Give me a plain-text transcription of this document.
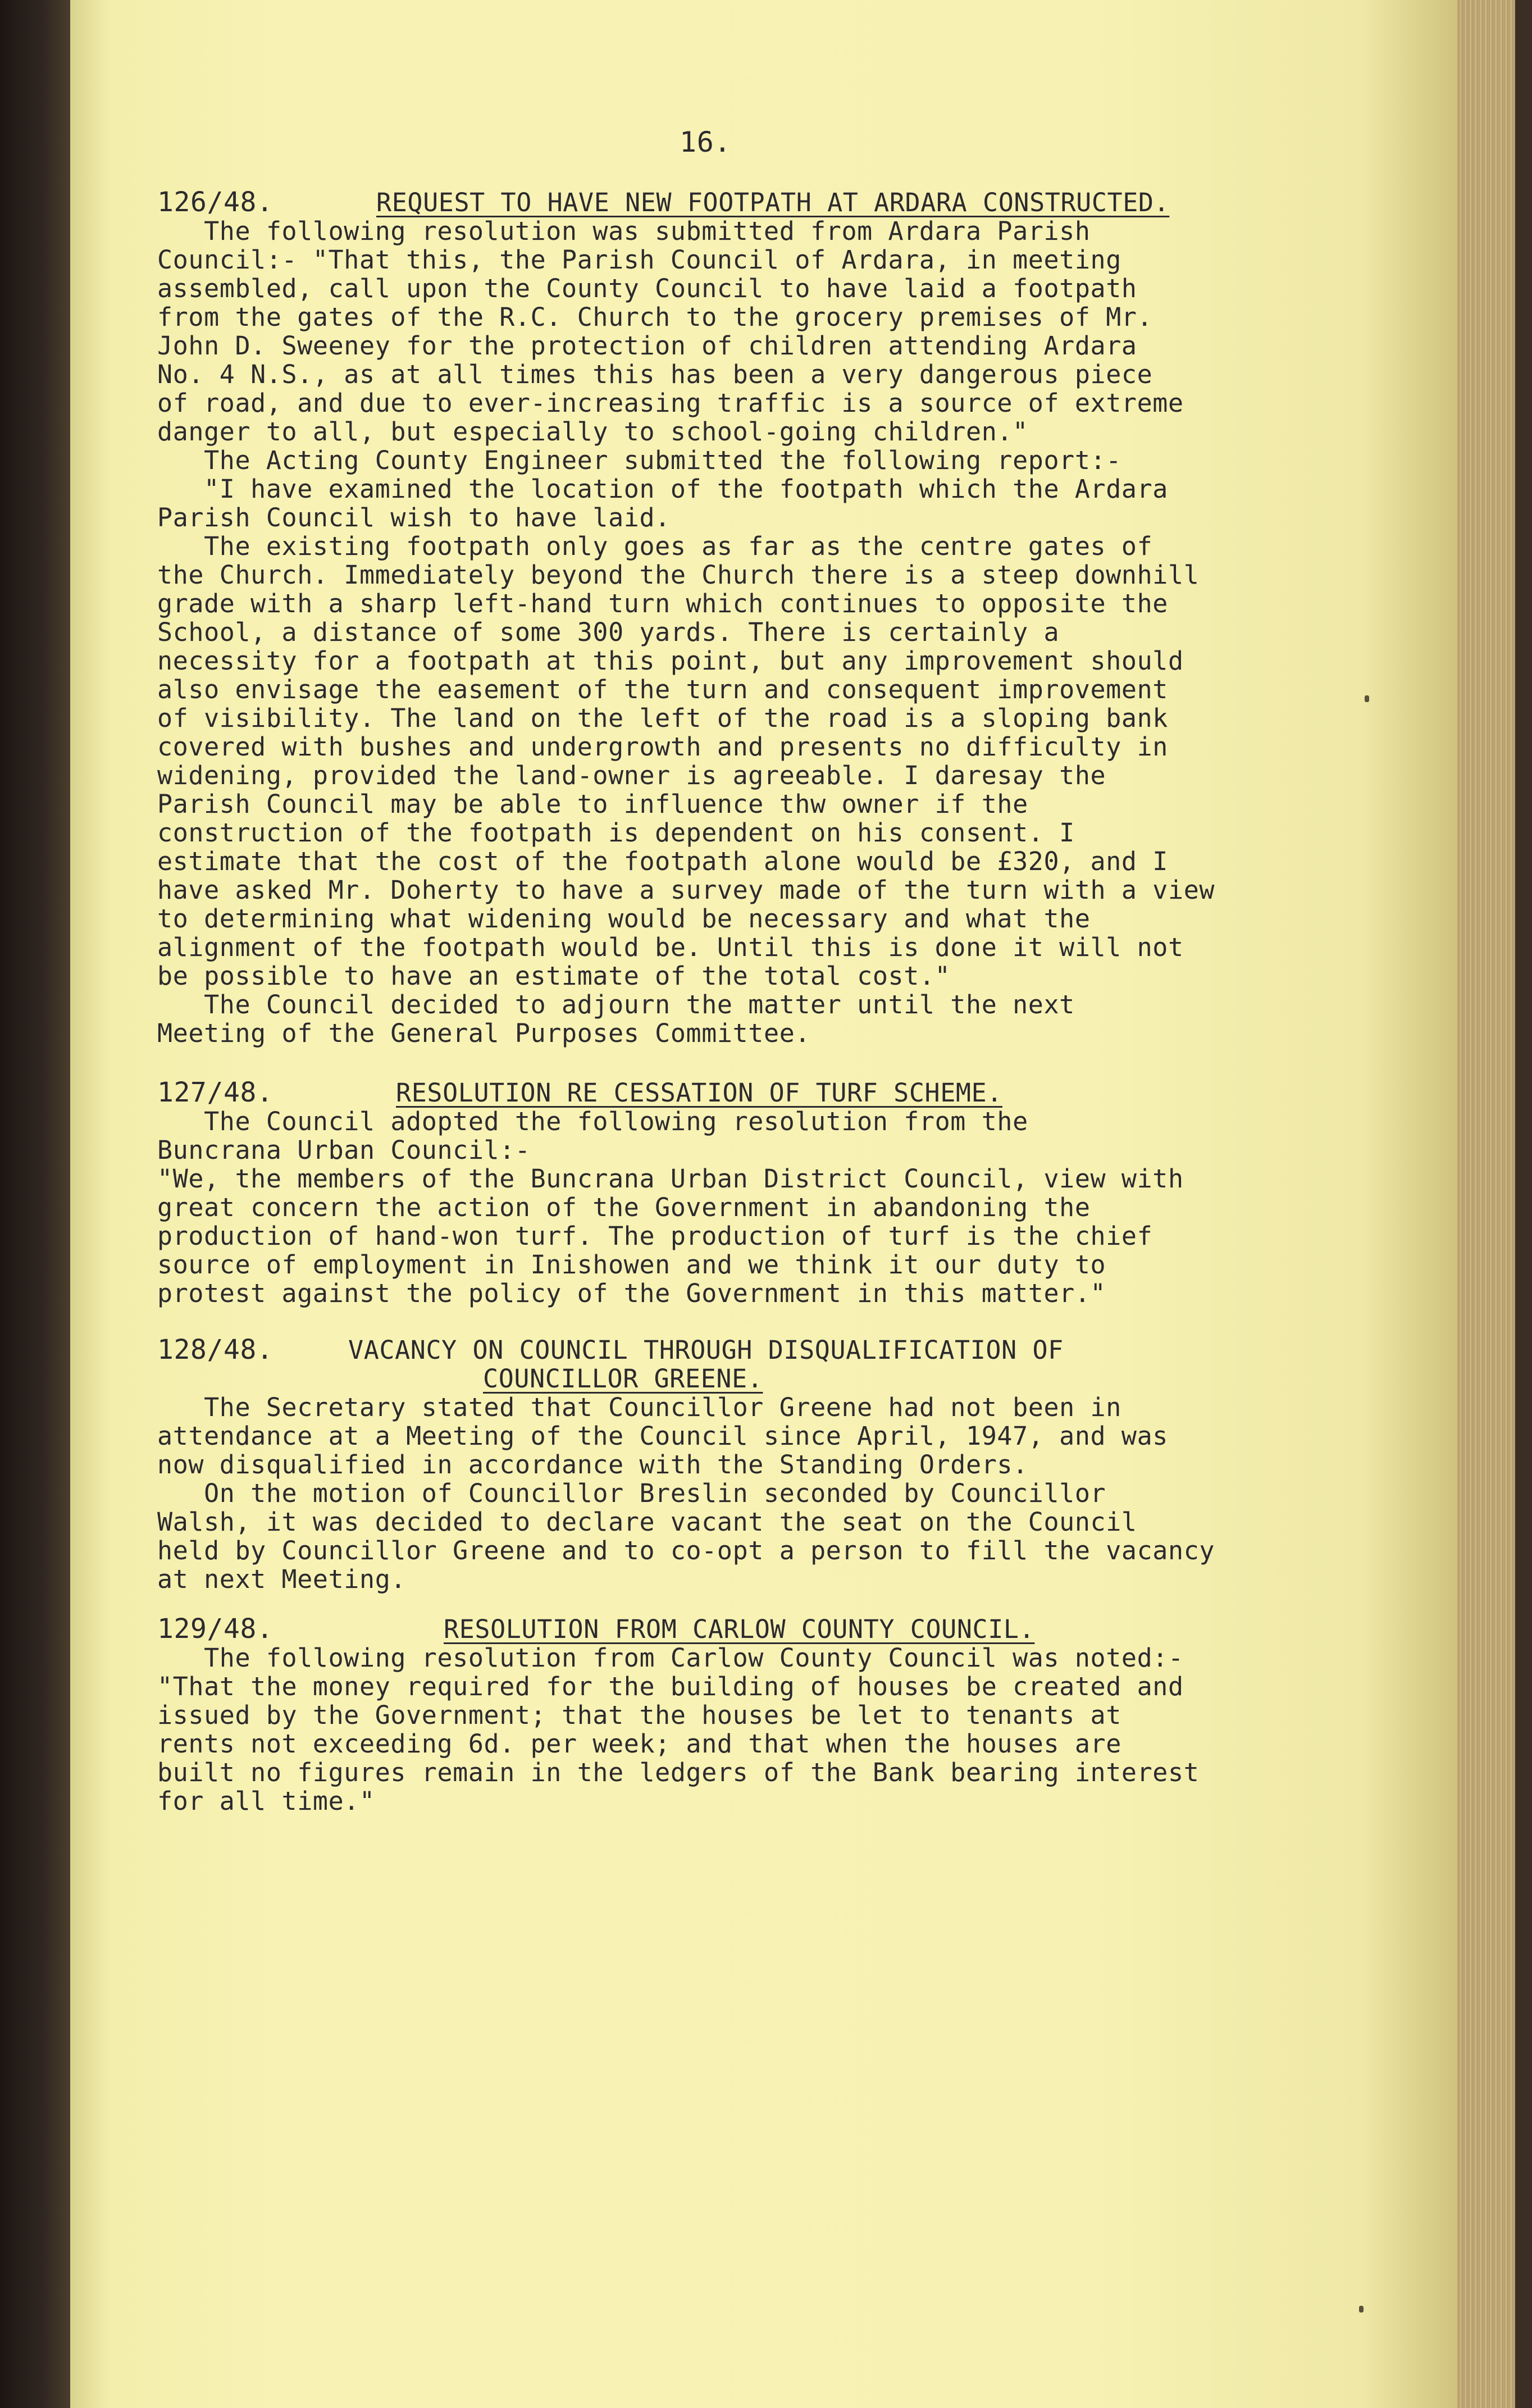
16.

126/48.

	REQUEST TO HAVE NEW FOOTPATH AT ARDARA CONSTRUCTED.

The following resolution was submitted from Ardara Parish
Council:- "That this, the Parish Council of Ardara, in meeting
assembled, call upon the County Council to have laid a footpath
from the gates of the R.C. Church to the grocery premises of Mr.
John D. Sweeney for the protection of children attending Ardara
No. 4 N.S., as at all times this has been a very dangerous piece
of road, and due to ever-increasing traffic is a source of extreme
danger to all, but especially to school-going children."

The Acting County Engineer submitted the following report:-
"I have examined the location of the footpath which the Ardara
Parish Council wish to have laid.

The existing footpath only goes as far as the centre gates of
the Church. Immediately beyond the Church there is a steep downhill
grade with a sharp left-hand turn which continues to opposite the
School, a distance of some 300 yards. There is certainly a
necessity for a footpath at this point, but any improvement should
also envisage the easement of the turn and consequent improvement
of visibility. The land on the left of the road is a sloping bank
covered with bushes and undergrowth and presents no difficulty in
widening, provided the land-owner is agreeable. I daresay the
Parish Council may be able to influence thw owner if the
construction of the footpath is dependent on his consent. I
estimate that the cost of the footpath alone would be £320, and I
have asked Mr. Doherty to have a survey made of the turn with a view
to determining what widening would be necessary and what the
alignment of the footpath would be. Until this is done it will not
be possible to have an estimate of the total cost."

The Council decided to adjourn the matter until the next
Meeting of the General Purposes Committee.

127/48.

	RESOLUTION RE CESSATION OF TURF SCHEME.

The Council adopted the following resolution from the
Buncrana Urban Council:-
"We, the members of the Buncrana Urban District Council, view with
great concern the action of the Government in abandoning the
production of hand-won turf. The production of turf is the chief
source of employment in Inishowen and we think it our duty to
protest against the policy of the Government in this matter."

128/48.

	VACANCY ON COUNCIL THROUGH DISQUALIFICATION OF

COUNCILLOR GREENE.

The Secretary stated that Councillor Greene had not been in
attendance at a Meeting of the Council since April, 1947, and was
now disqualified in accordance with the Standing Orders.

On the motion of Councillor Breslin seconded by Councillor
Walsh, it was decided to declare vacant the seat on the Council
held by Councillor Greene and to co-opt a person to fill the vacancy
at next Meeting.

129/48.

	RESOLUTION FROM CARLOW COUNTY COUNCIL.

The following resolution from Carlow County Council was noted:-
"That the money required for the building of houses be created and
issued by the Government; that the houses be let to tenants at
rents not exceeding 6d. per week; and that when the houses are
built no figures remain in the ledgers of the Bank bearing interest
for all time."
